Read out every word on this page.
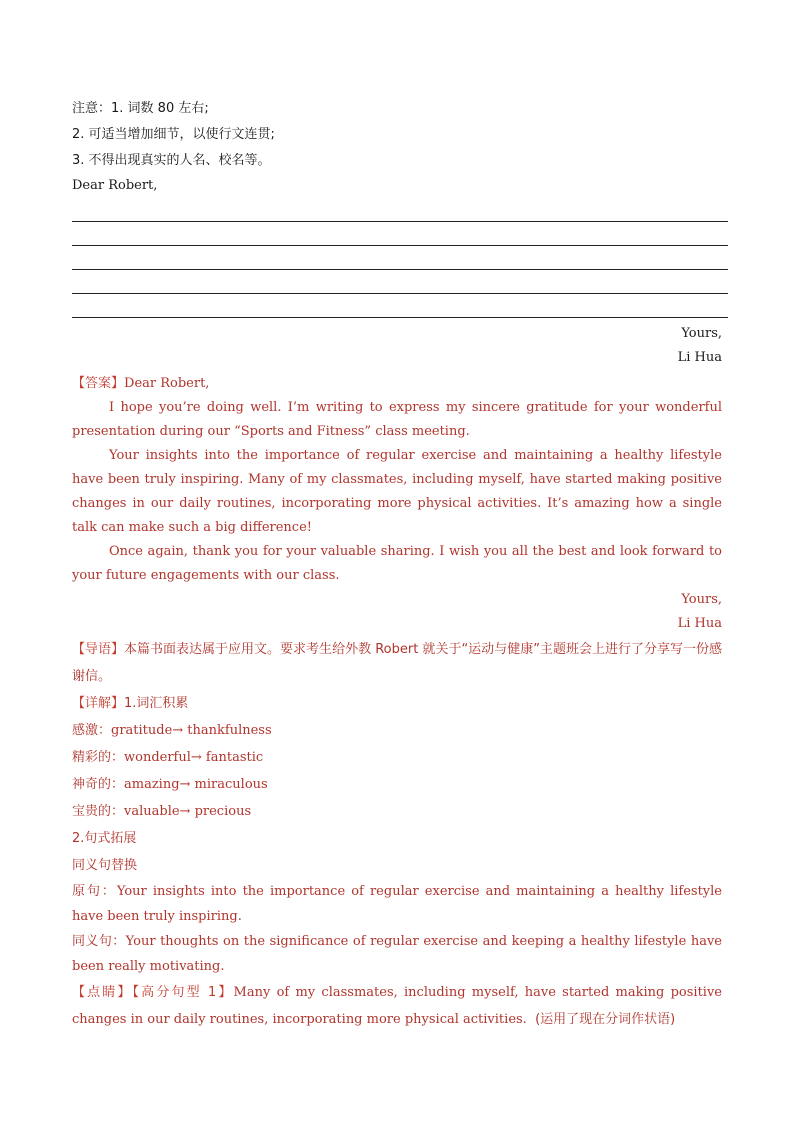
注意：1. 词数 80 左右;
2. 可适当增加细节，以使行文连贯;
3. 不得出现真实的人名、校名等。
Dear Robert,
Yours,
Li Hua
【答案】Dear Robert,

I hope you’re doing well. I’m writing to express my sincere gratitude for your wonderful presentation during our “Sports and Fitness” class meeting.

Your insights into the importance of regular exercise and maintaining a healthy lifestyle have been truly inspiring. Many of my classmates, including myself, have started making positive changes in our daily routines, incorporating more physical activities. It’s amazing how a single talk can make such a big difference!

Once again, thank you for your valuable sharing. I wish you all the best and look forward to your future engagements with our class.

Yours,
Li Hua

【导语】本篇书面表达属于应用文。要求考生给外教 Robert 就关于“运动与健康”主题班会上进行了分享写一份感谢信。

【详解】1.词汇积累
感激：gratitude→ thankfulness
精彩的：wonderful→ fantastic
神奇的：amazing→ miraculous
宝贵的：valuable→ precious
2.句式拓展
同义句替换

原句：Your insights into the importance of regular exercise and maintaining a healthy lifestyle have been truly inspiring.

同义句：Your thoughts on the significance of regular exercise and keeping a healthy lifestyle have been really motivating.

【点睛】【高分句型 1】Many of my classmates, including myself, have started making positive changes in our daily routines, incorporating more physical activities. (运用了现在分词作状语)
